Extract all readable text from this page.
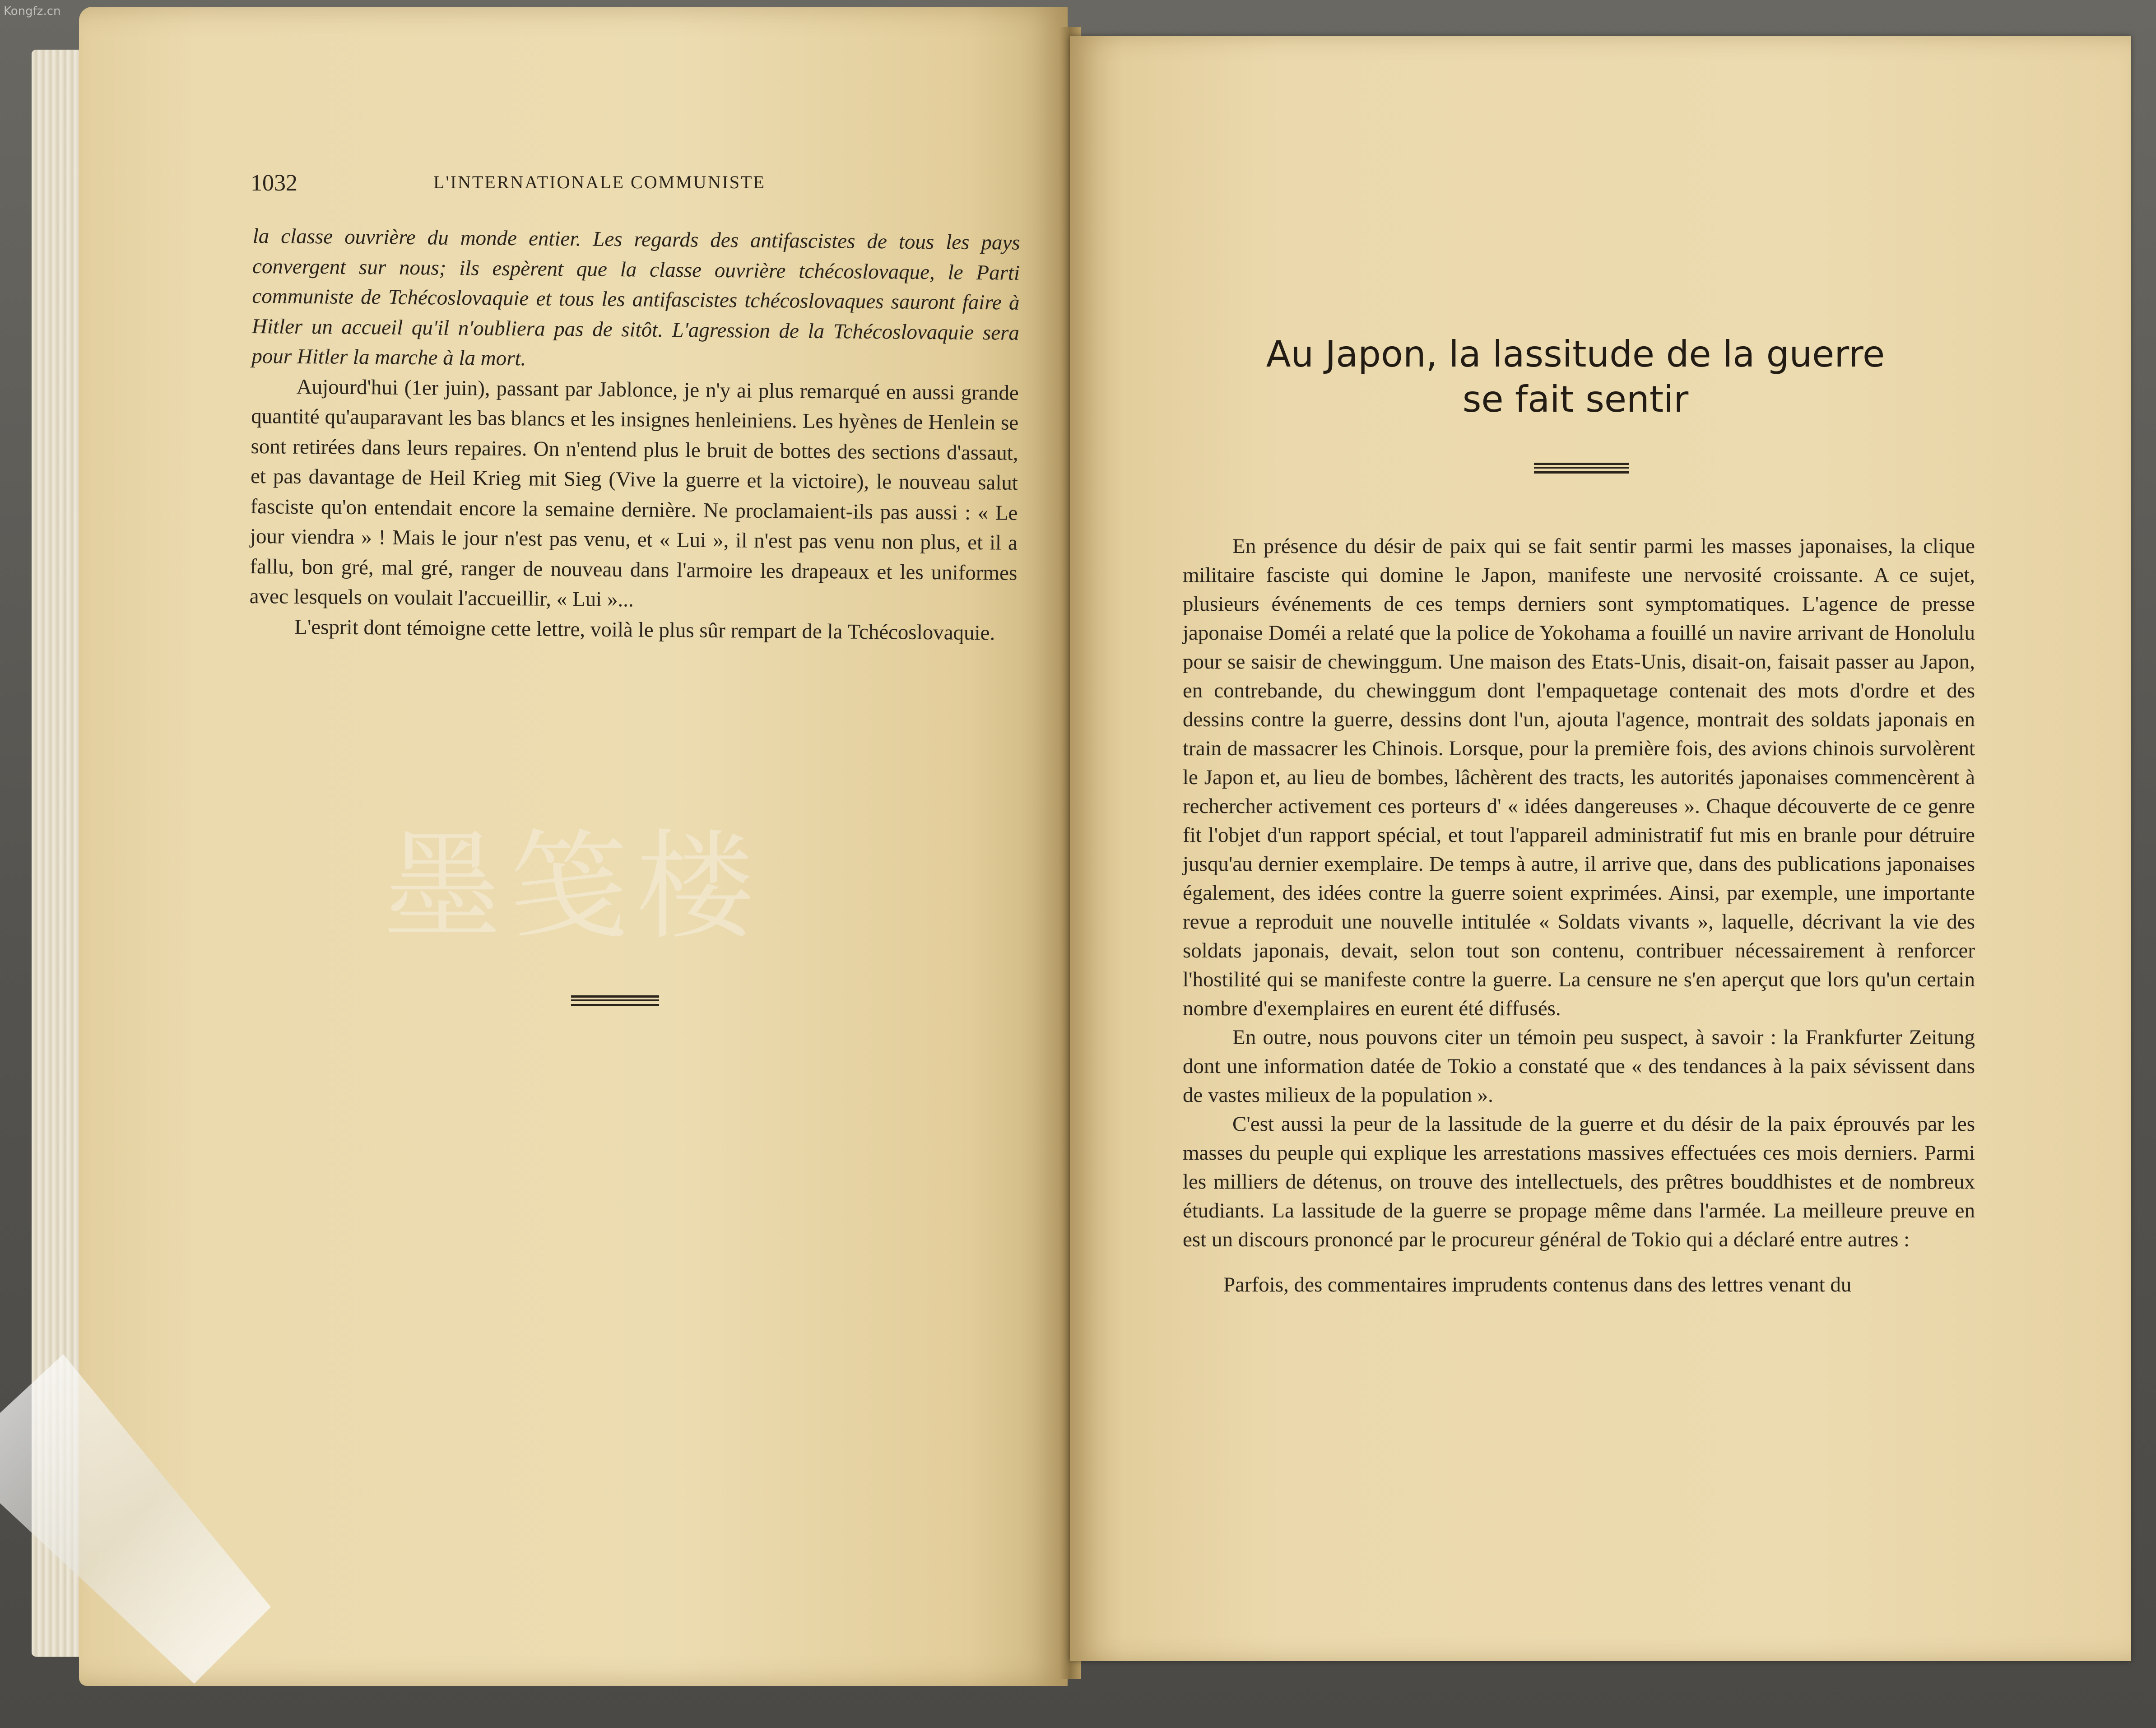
Kongfz.cn
1032	L'INTERNATIONALE COMMUNISTE

la classe ouvrière du monde entier. Les regards des antifascistes de tous les pays convergent sur nous; ils espèrent que la classe ouvrière tchécoslovaque, le Parti communiste de Tchécoslovaquie et tous les antifascistes tchécoslovaques sauront faire à Hitler un accueil qu'il n'oubliera pas de sitôt. L'agression de la Tchécoslovaquie sera pour Hitler la marche à la mort.

Aujourd'hui (1er juin), passant par Jablonce, je n'y ai plus remarqué en aussi grande quantité qu'auparavant les bas blancs et les insignes henleiniens. Les hyènes de Henlein se sont retirées dans leurs repaires. On n'entend plus le bruit de bottes des sections d'assaut, et pas davantage de Heil Krieg mit Sieg (Vive la guerre et la victoire), le nouveau salut fasciste qu'on entendait encore la semaine dernière. Ne proclamaient-ils pas aussi : « Le jour viendra » ! Mais le jour n'est pas venu, et « Lui », il n'est pas venu non plus, et il a fallu, bon gré, mal gré, ranger de nouveau dans l'armoire les drapeaux et les uniformes avec lesquels on voulait l'accueillir, « Lui »...

L'esprit dont témoigne cette lettre, voilà le plus sûr rempart de la Tchécoslovaquie.

墨笺楼
Au Japon, la lassitude de la guerre
se fait sentir

En présence du désir de paix qui se fait sentir parmi les masses japonaises, la clique militaire fasciste qui domine le Japon, manifeste une nervosité croissante. A ce sujet, plusieurs événements de ces temps derniers sont symptomatiques. L'agence de presse japonaise Doméi a relaté que la police de Yokohama a fouillé un navire arrivant de Honolulu pour se saisir de chewinggum. Une maison des Etats-Unis, disait-on, faisait passer au Japon, en contrebande, du chewinggum dont l'empaquetage contenait des mots d'ordre et des dessins contre la guerre, dessins dont l'un, ajouta l'agence, montrait des soldats japonais en train de massacrer les Chinois. Lorsque, pour la première fois, des avions chinois survolèrent le Japon et, au lieu de bombes, lâchèrent des tracts, les autorités japonaises commencèrent à rechercher activement ces porteurs d' « idées dangereuses ». Chaque découverte de ce genre fit l'objet d'un rapport spécial, et tout l'appareil administratif fut mis en branle pour détruire jusqu'au dernier exemplaire. De temps à autre, il arrive que, dans des publications japonaises également, des idées contre la guerre soient exprimées. Ainsi, par exemple, une importante revue a reproduit une nouvelle intitulée « Soldats vivants », laquelle, décrivant la vie des soldats japonais, devait, selon tout son contenu, contribuer nécessairement à renforcer l'hostilité qui se manifeste contre la guerre. La censure ne s'en aperçut que lors qu'un certain nombre d'exemplaires en eurent été diffusés.

En outre, nous pouvons citer un témoin peu suspect, à savoir : la Frankfurter Zeitung dont une information datée de Tokio a constaté que « des tendances à la paix sévissent dans de vastes milieux de la population ».

C'est aussi la peur de la lassitude de la guerre et du désir de la paix éprouvés par les masses du peuple qui explique les arrestations massives effectuées ces mois derniers. Parmi les milliers de détenus, on trouve des intellectuels, des prêtres bouddhistes et de nombreux étudiants. La lassitude de la guerre se propage même dans l'armée. La meilleure preuve en est un discours prononcé par le procureur général de Tokio qui a déclaré entre autres :

Parfois, des commentaires imprudents contenus dans des lettres venant du
